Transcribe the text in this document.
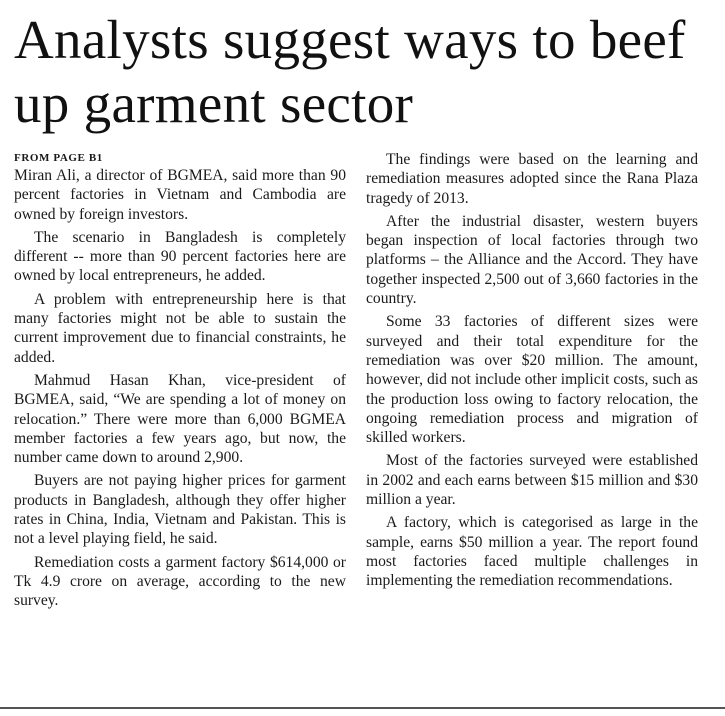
Analysts suggest ways to beef up garment sector
FROM PAGE B1

Miran Ali, a director of BGMEA, said more than 90 percent factories in Vietnam and Cambodia are owned by foreign investors.

The scenario in Bangladesh is completely different -- more than 90 percent factories here are owned by local entrepreneurs, he added.

A problem with entrepreneurship here is that many factories might not be able to sustain the current improvement due to financial constraints, he added.

Mahmud Hasan Khan, vice-president of BGMEA, said, “We are spending a lot of money on relocation.” There were more than 6,000 BGMEA member factories a few years ago, but now, the number came down to around 2,900.

Buyers are not paying higher prices for garment products in Bangladesh, although they offer higher rates in China, India, Vietnam and Pakistan. This is not a level playing field, he said.

Remediation costs a garment factory $614,000 or Tk 4.9 crore on average, according to the new survey.

The findings were based on the learning and remediation measures adopted since the Rana Plaza tragedy of 2013.

After the industrial disaster, western buyers began inspection of local factories through two platforms – the Alliance and the Accord. They have together inspected 2,500 out of 3,660 factories in the country.

Some 33 factories of different sizes were surveyed and their total expenditure for the remediation was over $20 million. The amount, however, did not include other implicit costs, such as the production loss owing to factory relocation, the ongoing remediation process and migration of skilled workers.

Most of the factories surveyed were established in 2002 and each earns between $15 million and $30 million a year.

A factory, which is categorised as large in the sample, earns $50 million a year. The report found most factories faced multiple challenges in implementing the remediation recommendations.
